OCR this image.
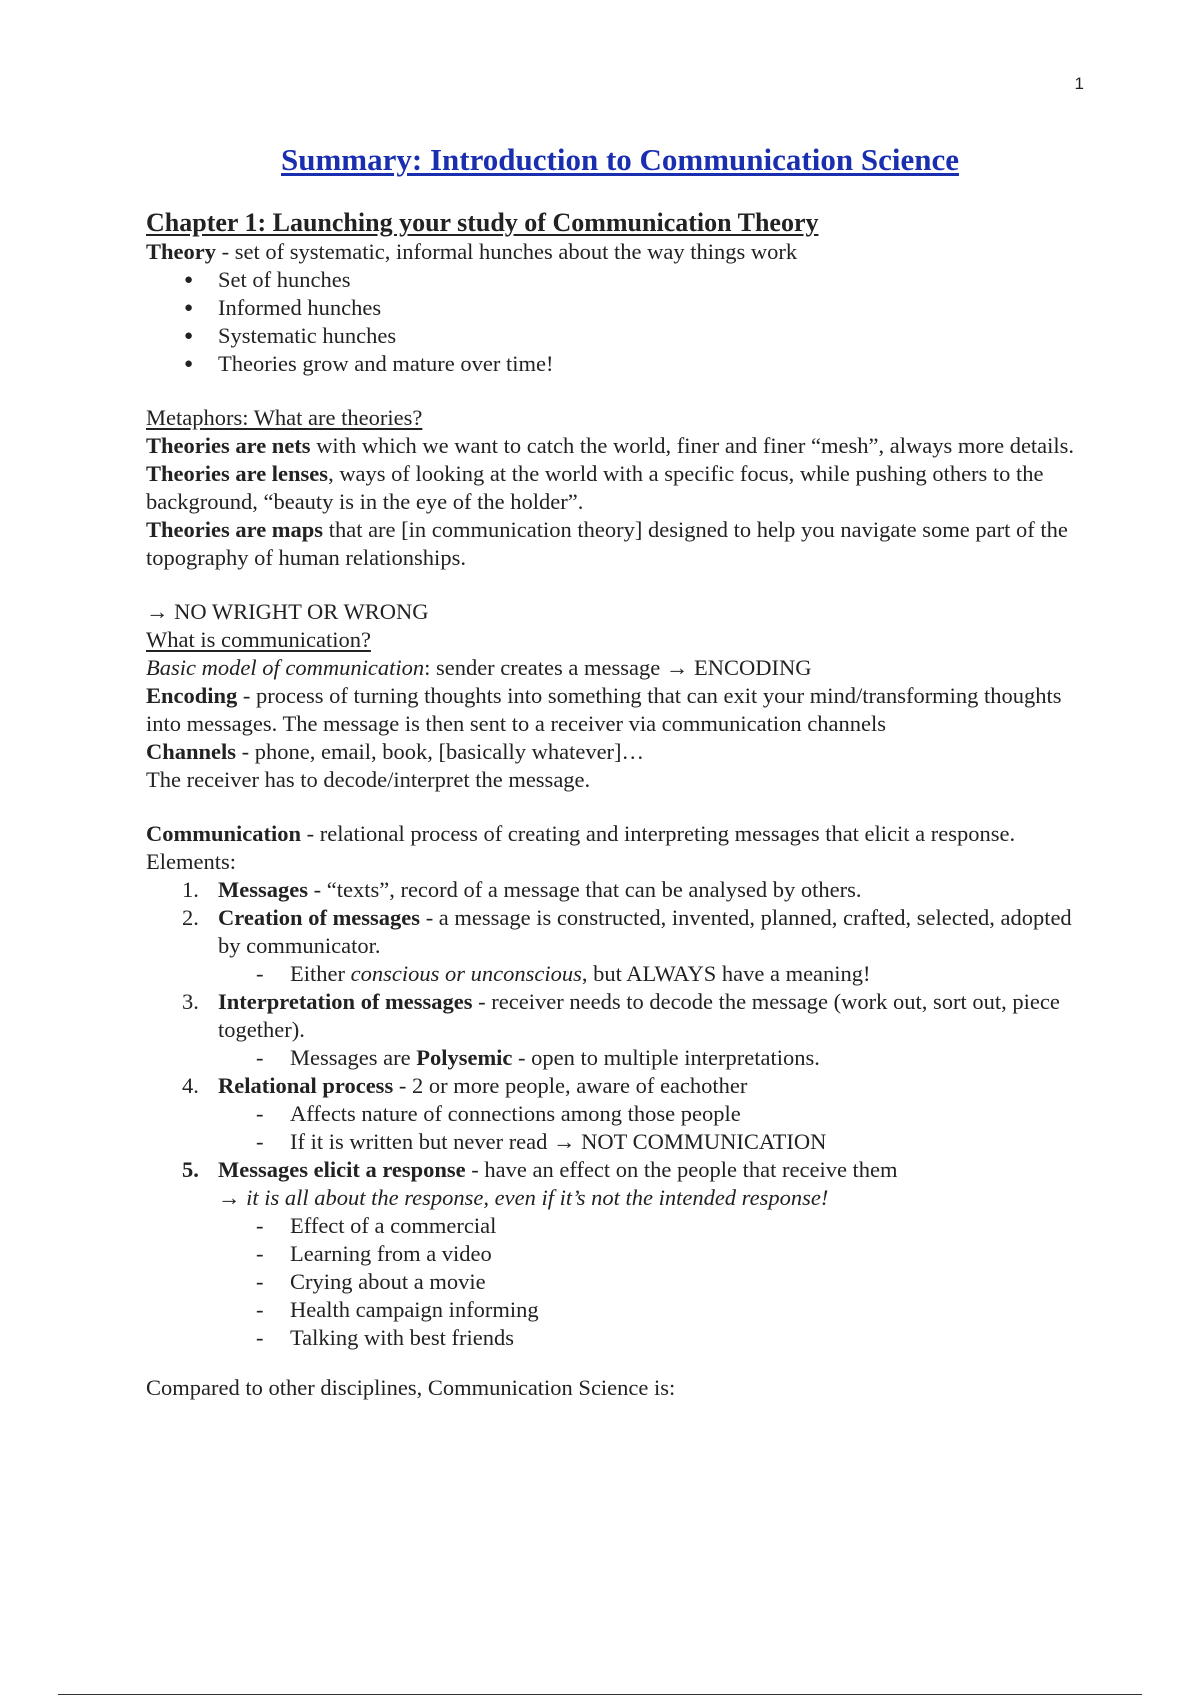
1
Summary: Introduction to Communication Science
Chapter 1: Launching your study of Communication Theory

Theory - set of systematic, informal hunches about the way things work

● Set of hunches
● Informed hunches
● Systematic hunches
● Theories grow and mature over time!

Metaphors: What are theories?

Theories are nets with which we want to catch the world, finer and finer “mesh”, always more details.

Theories are lenses, ways of looking at the world with a specific focus, while pushing others to the background, “beauty is in the eye of the holder”.

Theories are maps that are [in communication theory] designed to help you navigate some part of the topography of human relationships.

→ NO WRIGHT OR WRONG

What is communication?

Basic model of communication: sender creates a message → ENCODING

Encoding - process of turning thoughts into something that can exit your mind/transforming thoughts into messages. The message is then sent to a receiver via communication channels

Channels - phone, email, book, [basically whatever]…

The receiver has to decode/interpret the message.

Communication - relational process of creating and interpreting messages that elicit a response.

Elements:

1. Messages - “texts”, record of a message that can be analysed by others.
2. Creation of messages - a message is constructed, invented, planned, crafted, selected, adopted by communicator.
- Either conscious or unconscious, but ALWAYS have a meaning!
3. Interpretation of messages - receiver needs to decode the message (work out, sort out, piece together).
- Messages are Polysemic - open to multiple interpretations.
4. Relational process - 2 or more people, aware of eachother
- Affects nature of connections among those people
- If it is written but never read → NOT COMMUNICATION
5. Messages elicit a response - have an effect on the people that receive them

→ it is all about the response, even if it’s not the intended response!

- Effect of a commercial
- Learning from a video
- Crying about a movie
- Health campaign informing
- Talking with best friends

Compared to other disciplines, Communication Science is:
